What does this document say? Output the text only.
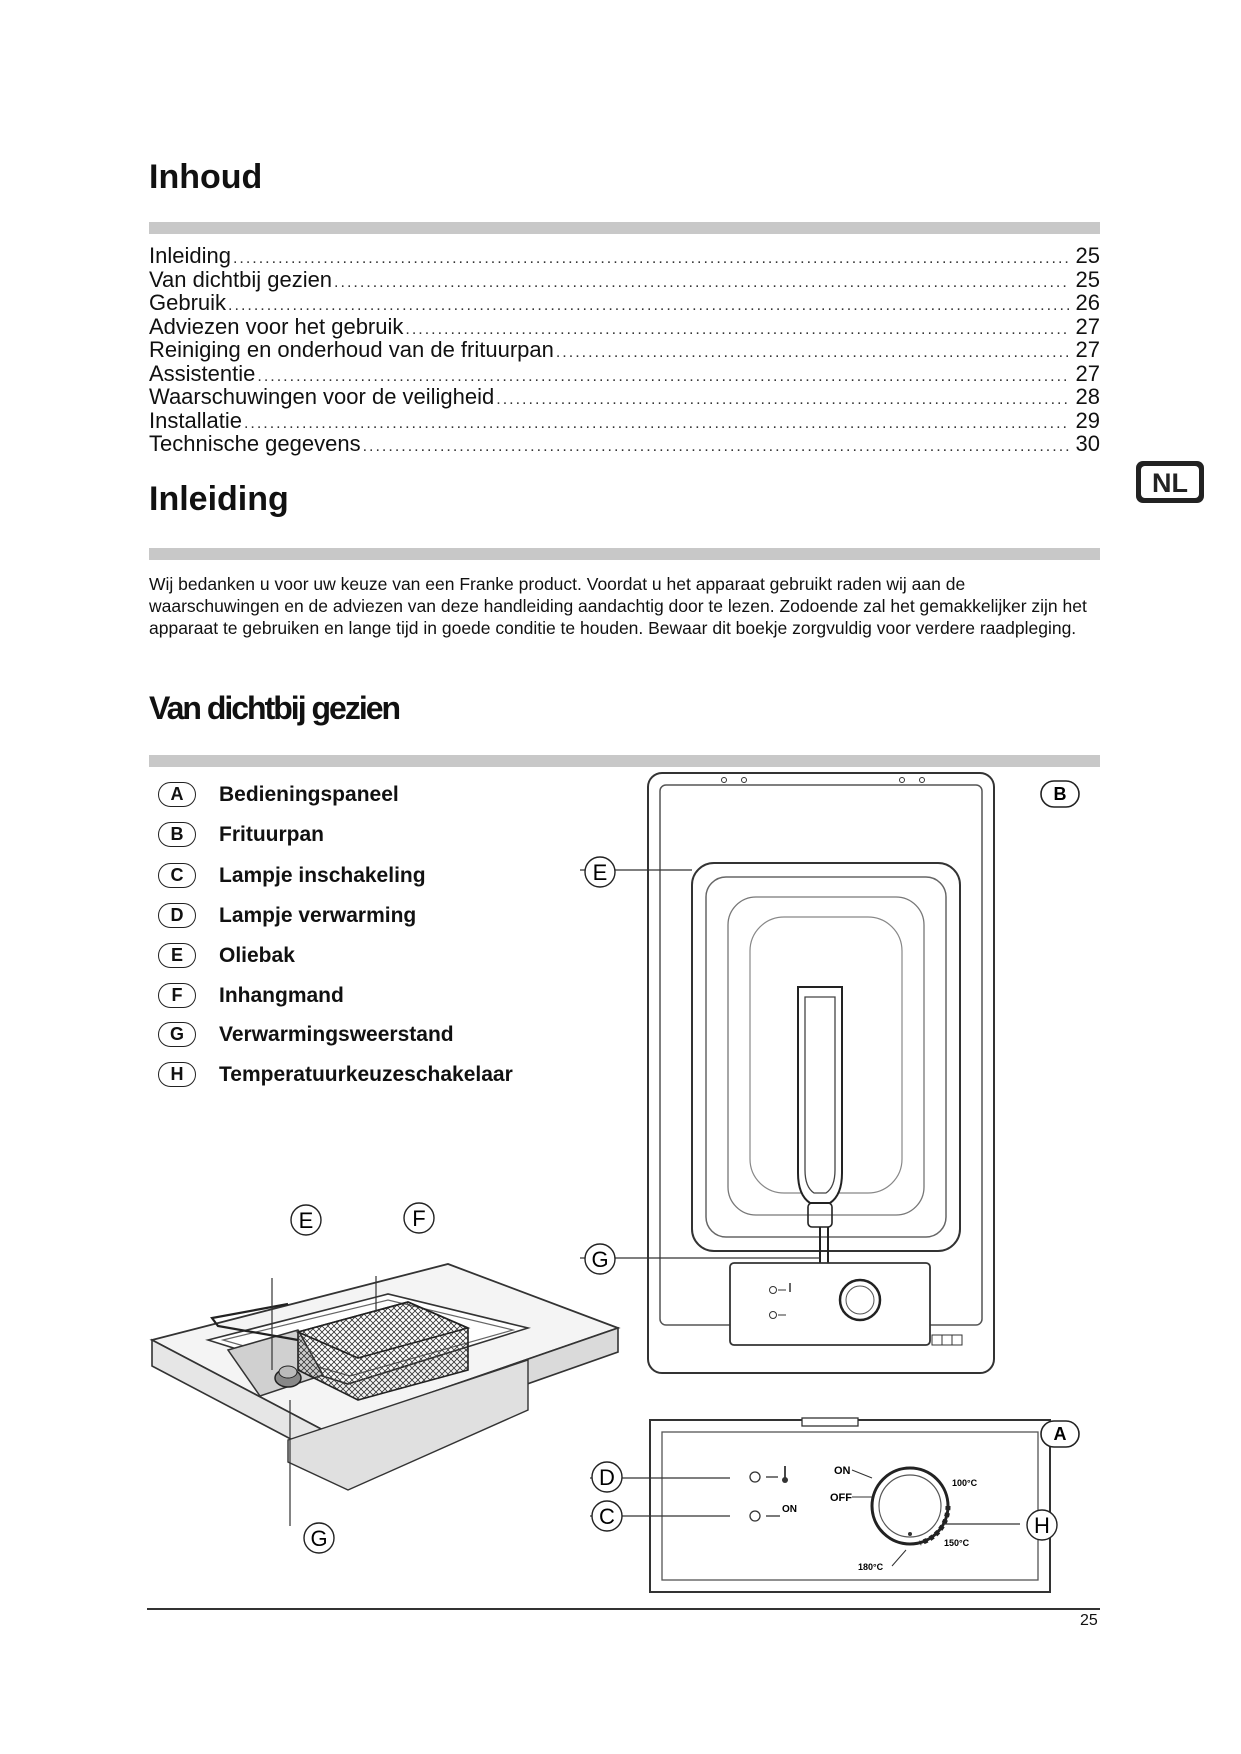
Inhoud
Inleiding .....	25
Van dichtbij gezien .....	25
Gebruik .....	26
Adviezen voor het gebruik .....	27
Reiniging en onderhoud van de frituurpan .....	27
Assistentie .....	27
Waarschuwingen voor de veiligheid .....	28
Installatie .....	29
Technische gegevens .....	30
NL
Inleiding
Wij bedanken u voor uw keuze van een Franke product. Voordat u het apparaat gebruikt raden wij aan de waarschuwingen en de adviezen van deze handleiding aandachtig door te lezen. Zodoende zal het gemakkelijker zijn het apparaat te gebruiken en lange tijd in goede conditie te houden. Bewaar dit boekje zorgvuldig voor verdere raadpleging.
Van dichtbij gezien
A	Bedieningspaneel
B	Frituurpan
C	Lampje inschakeling
D	Lampje verwarming
E	Oliebak
F	Inhangmand
G	Verwarmingsweerstand
H	Temperatuurkeuzeschakelaar
B
E
G
E	F
G
ON
ON
OFF
100°C
150°C
180°C
A
D
C	H
25
